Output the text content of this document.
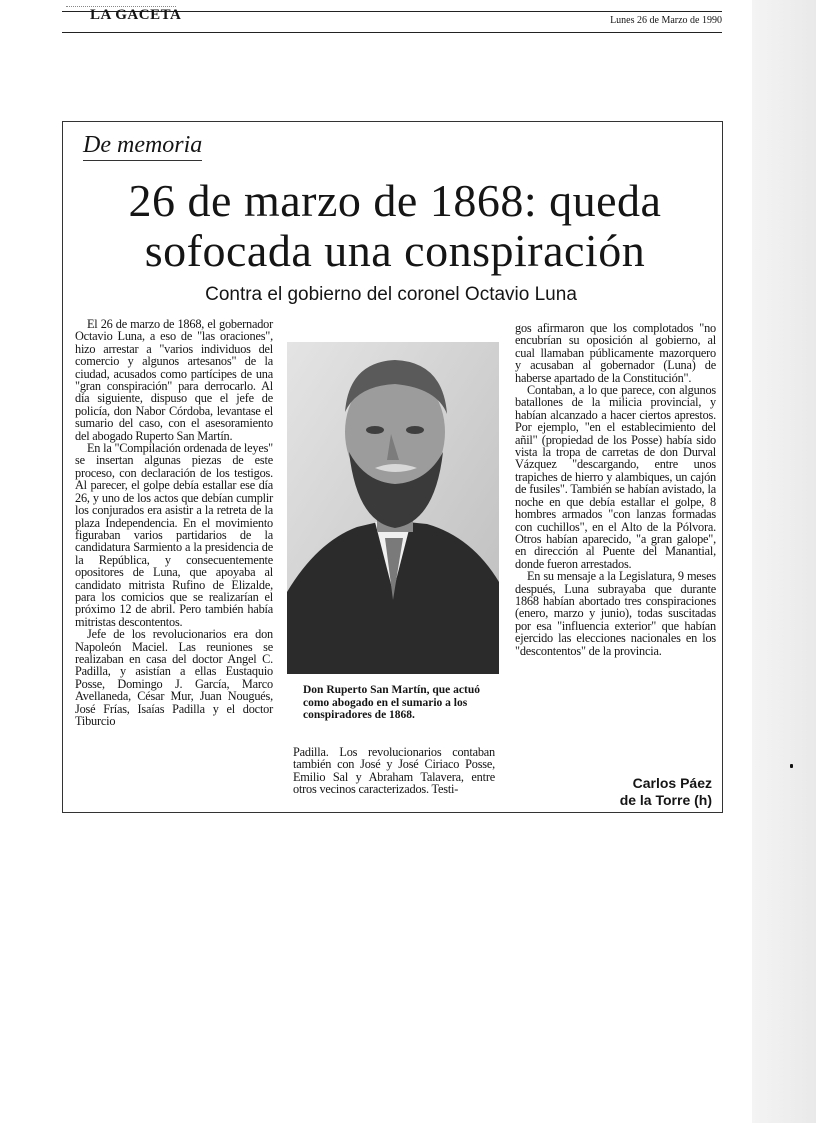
LA GACETA	Lunes 26 de Marzo de 1990
De memoria
26 de marzo de 1868: queda sofocada una conspiración
Contra el gobierno del coronel Octavio Luna

El 26 de marzo de 1868, el gobernador Octavio Luna, a eso de "las oraciones", hizo arrestar a "varios individuos del comercio y algunos artesanos" de la ciudad, acusados como partícipes de una "gran conspiración" para derrocarlo. Al día siguiente, dispuso que el jefe de policía, don Nabor Córdoba, levantase el sumario del caso, con el asesoramiento del abogado Ruperto San Martín.

En la "Compilación ordenada de leyes" se insertan algunas piezas de este proceso, con declaración de los testigos. Al parecer, el golpe debía estallar ese día 26, y uno de los actos que debían cumplir los conjurados era asistir a la retreta de la plaza Independencia. En el movimiento figuraban varios partidarios de la candidatura Sarmiento a la presidencia de la República, y consecuentemente opositores de Luna, que apoyaba al candidato mitrista Rufino de Elizalde, para los comicios que se realizarían el próximo 12 de abril. Pero también había mitristas descontentos.

Jefe de los revolucionarios era don Napoleón Maciel. Las reuniones se realizaban en casa del doctor Angel C. Padilla, y asistían a ellas Eustaquio Posse, Domingo J. García, Marco Avellaneda, César Mur, Juan Nougués, José Frías, Isaías Padilla y el doctor Tiburcio

Don Ruperto San Martín, que actuó como abogado en el sumario a los conspiradores de 1868.

Padilla. Los revolucionarios contaban también con José y José Ciriaco Posse, Emilio Sal y Abraham Talavera, entre otros vecinos caracterizados. Testi-

gos afirmaron que los complotados "no encubrían su oposición al gobierno, al cual llamaban públicamente mazorquero y acusaban al gobernador (Luna) de haberse apartado de la Constitución".

Contaban, a lo que parece, con algunos batallones de la milicia provincial, y habían alcanzado a hacer ciertos aprestos. Por ejemplo, "en el establecimiento del añil" (propiedad de los Posse) había sido vista la tropa de carretas de don Durval Vázquez "descargando, entre unos trapiches de hierro y alambiques, un cajón de fusiles". También se habían avistado, la noche en que debía estallar el golpe, 8 hombres armados "con lanzas formadas con cuchillos", en el Alto de la Pólvora. Otros habían aparecido, "a gran galope", en dirección al Puente del Manantial, donde fueron arrestados.

En su mensaje a la Legislatura, 9 meses después, Luna subrayaba que durante 1868 habían abortado tres conspiraciones (enero, marzo y junio), todas suscitadas por esa "influencia exterior" que habían ejercido las elecciones nacionales en los "descontentos" de la provincia.

Carlos Páez
de la Torre (h)
